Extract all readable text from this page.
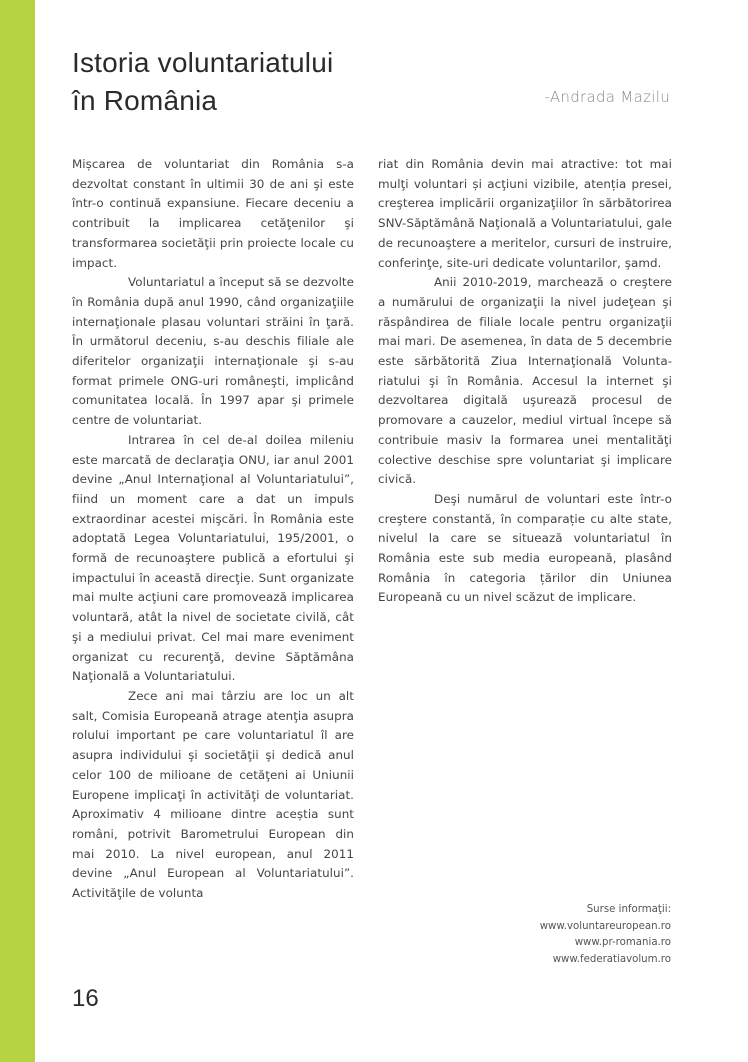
Istoria voluntariatului
în România	-Andrada Mazilu

Mișcarea de voluntariat din România s-a dezvoltat constant în ultimii 30 de ani şi este într-o continuă expansiune. Fiecare deceniu a contribuit la implicarea cetăţenilor şi transformarea societăţii prin proiecte locale cu impact.

Voluntariatul a început să se dezvolte în România după anul 1990, când organizaţiile internaţionale plasau voluntari străini în ţară. În următorul deceniu, s-au deschis filiale ale diferitelor organizaţii internaţionale şi s-au format primele ONG-uri româneşti, implicând comunitatea locală. În 1997 apar şi primele centre de voluntariat.

Intrarea în cel de-al doilea mileniu este marcată de declaraţia ONU, iar anul 2001 devine „Anul Internaţional al Voluntariatului”, fiind un moment care a dat un impuls extraordinar acestei mişcări. În România este adoptată Legea Voluntariatului, 195/2001, o formă de recunoaştere publică a efortului şi impactului în această direcţie. Sunt organizate mai multe acţiuni care promovează implicarea voluntară, atât la nivel de societate civilă, cât şi a mediului privat. Cel mai mare eveniment organizat cu recurenţă, devine Săptămâna Naţională a Voluntariatului.

Zece ani mai târziu are loc un alt salt, Comisia Europeană atrage atenţia asupra rolului important pe care voluntariatul îl are asupra individului şi societăţii şi dedică anul celor 100 de milioane de cetăţeni ai Uniunii Europene implicaţi în activităţi de voluntariat. Aproximativ 4 milioane dintre aceștia sunt români, potrivit Barometrului European din mai 2010. La nivel european, anul 2011 devine „Anul European al Voluntariatului”. Activităţile de volunta

riat din România devin mai atractive: tot mai mulţi voluntari și acţiuni vizibile, atenția presei, creşterea implicării organizaţiilor în sărbătorirea SNV-Săptămână Naţională a Voluntariatului, gale de recunoaştere a meritelor, cursuri de instruire, conferinţe, site-uri dedicate voluntarilor, şamd.

Anii 2010-2019, marchează o creştere a numărului de organizaţii la nivel judeţean şi răspândirea de filiale locale pentru organizaţii mai mari. De asemenea, în data de 5 decembrie este sărbătorită Ziua Internaţională Voluntariatului şi în România. Accesul la internet şi dezvoltarea digitală uşurează procesul de promovare a cauzelor, mediul virtual începe să contribuie masiv la formarea unei mentalităţi colective deschise spre voluntariat şi implicare civică.

Deşi numărul de voluntari este într-o creştere constantă, în comparație cu alte state, nivelul la care se situează voluntariatul în România este sub media europeană, plasând România în categoria țărilor din Uniunea Europeană cu un nivel scăzut de implicare.

Surse informaţii:
www.voluntareuropean.ro
www.pr-romania.ro
www.federatiavolum.ro
16
